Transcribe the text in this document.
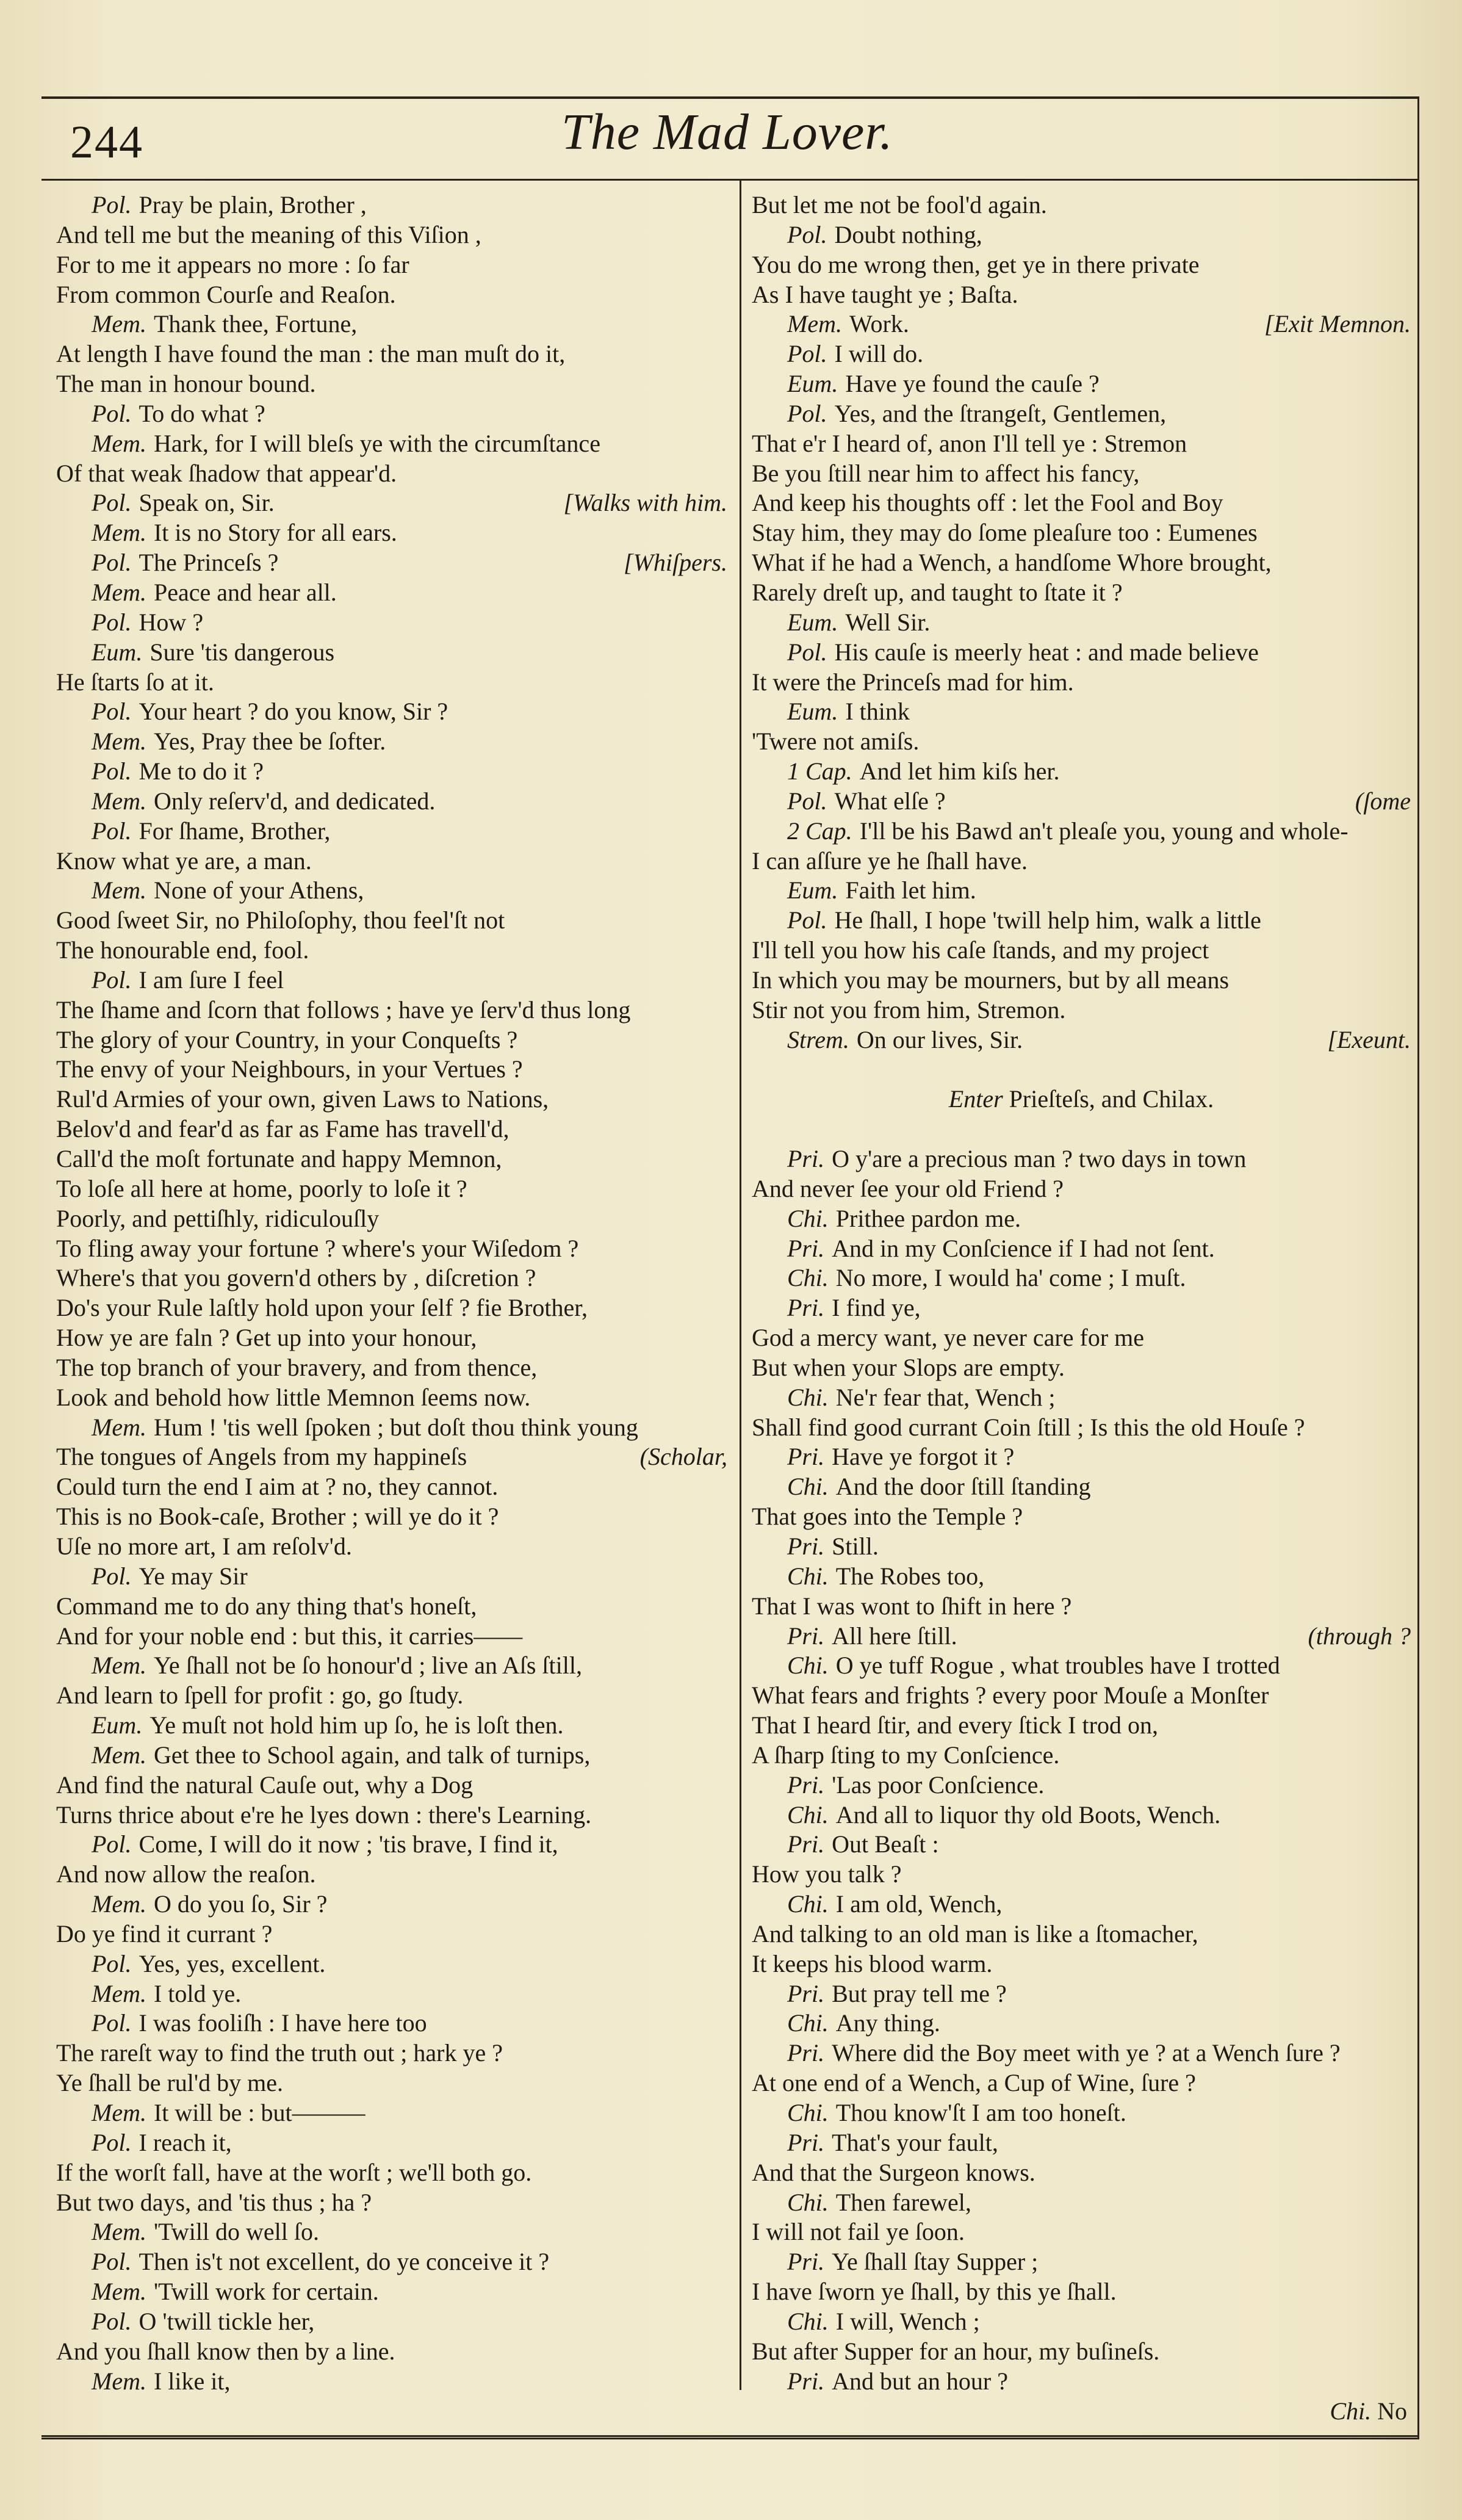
244	The Mad Lover.
Pol. Pray be plain, Brother ,
And tell me but the meaning of this Viſion ,
For to me it appears no more : ſo far
From common Courſe and Reaſon.
Mem. Thank thee, Fortune,
At length I have found the man : the man muſt do it,
The man in honour bound.
Pol. To do what ?
Mem. Hark, for I will bleſs ye with the circumſtance
Of that weak ſhadow that appear'd.
Pol. Speak on, Sir.	[Walks with him.
Mem. It is no Story for all ears.
Pol. The Princeſs ?	[Whiſpers.
Mem. Peace and hear all.
Pol. How ?
Eum. Sure 'tis dangerous
He ſtarts ſo at it.
Pol. Your heart ? do you know, Sir ?
Mem. Yes, Pray thee be ſofter.
Pol. Me to do it ?
Mem. Only reſerv'd, and dedicated.
Pol. For ſhame, Brother,
Know what ye are, a man.
Mem. None of your Athens,
Good ſweet Sir, no Philoſophy, thou feel'ſt not
The honourable end, fool.
Pol. I am ſure I feel
The ſhame and ſcorn that follows ; have ye ſerv'd thus long
The glory of your Country, in your Conqueſts ?
The envy of your Neighbours, in your Vertues ?
Rul'd Armies of your own, given Laws to Nations,
Belov'd and fear'd as far as Fame has travell'd,
Call'd the moſt fortunate and happy Memnon,
To loſe all here at home, poorly to loſe it ?
Poorly, and pettiſhly, ridiculouſly
To fling away your fortune ? where's your Wiſedom ?
Where's that you govern'd others by , diſcretion ?
Do's your Rule laſtly hold upon your ſelf ? fie Brother,
How ye are faln ? Get up into your honour,
The top branch of your bravery, and from thence,
Look and behold how little Memnon ſeems now.
Mem. Hum ! 'tis well ſpoken ; but doſt thou think young
The tongues of Angels from my happineſs	(Scholar,
Could turn the end I aim at ? no, they cannot.
This is no Book-caſe, Brother ; will ye do it ?
Uſe no more art, I am reſolv'd.
Pol. Ye may Sir
Command me to do any thing that's honeſt,
And for your noble end : but this, it carries——
Mem. Ye ſhall not be ſo honour'd ; live an Aſs ſtill,
And learn to ſpell for profit : go, go ſtudy.
Eum. Ye muſt not hold him up ſo, he is loſt then.
Mem. Get thee to School again, and talk of turnips,
And find the natural Cauſe out, why a Dog
Turns thrice about e're he lyes down : there's Learning.
Pol. Come, I will do it now ; 'tis brave, I find it,
And now allow the reaſon.
Mem. O do you ſo, Sir ?
Do ye find it currant ?
Pol. Yes, yes, excellent.
Mem. I told ye.
Pol. I was fooliſh : I have here too
The rareſt way to find the truth out ; hark ye ?
Ye ſhall be rul'd by me.
Mem. It will be : but———
Pol. I reach it,
If the worſt fall, have at the worſt ; we'll both go.
But two days, and 'tis thus ; ha ?
Mem. 'Twill do well ſo.
Pol. Then is't not excellent, do ye conceive it ?
Mem. 'Twill work for certain.
Pol. O 'twill tickle her,
And you ſhall know then by a line.
Mem. I like it,
But let me not be fool'd again.
Pol. Doubt nothing,
You do me wrong then, get ye in there private
As I have taught ye ; Baſta.
Mem. Work.	[Exit Memnon.
Pol. I will do.
Eum. Have ye found the cauſe ?
Pol. Yes, and the ſtrangeſt, Gentlemen,
That e'r I heard of, anon I'll tell ye : Stremon
Be you ſtill near him to affect his fancy,
And keep his thoughts off : let the Fool and Boy
Stay him, they may do ſome pleaſure too : Eumenes
What if he had a Wench, a handſome Whore brought,
Rarely dreſt up, and taught to ſtate it ?
Eum. Well Sir.
Pol. His cauſe is meerly heat : and made believe
It were the Princeſs mad for him.
Eum. I think
'Twere not amiſs.
1 Cap. And let him kiſs her.
Pol. What elſe ?	(ſome
2 Cap. I'll be his Bawd an't pleaſe you, young and whole-
I can aſſure ye he ſhall have.
Eum. Faith let him.
Pol. He ſhall, I hope 'twill help him, walk a little
I'll tell you how his caſe ſtands, and my project
In which you may be mourners, but by all means
Stir not you from him, Stremon.
Strem. On our lives, Sir.	[Exeunt.
Enter Prieſteſs, and Chilax.
Pri. O y'are a precious man ? two days in town
And never ſee your old Friend ?
Chi. Prithee pardon me.
Pri. And in my Conſcience if I had not ſent.
Chi. No more, I would ha' come ; I muſt.
Pri. I find ye,
God a mercy want, ye never care for me
But when your Slops are empty.
Chi. Ne'r fear that, Wench ;
Shall find good currant Coin ſtill ; Is this the old Houſe ?
Pri. Have ye forgot it ?
Chi. And the door ſtill ſtanding
That goes into the Temple ?
Pri. Still.
Chi. The Robes too,
That I was wont to ſhift in here ?
Pri. All here ſtill.	(through ?
Chi. O ye tuff Rogue , what troubles have I trotted
What fears and frights ? every poor Mouſe a Monſter
That I heard ſtir, and every ſtick I trod on,
A ſharp ſting to my Conſcience.
Pri. 'Las poor Conſcience.
Chi. And all to liquor thy old Boots, Wench.
Pri. Out Beaſt :
How you talk ?
Chi. I am old, Wench,
And talking to an old man is like a ſtomacher,
It keeps his blood warm.
Pri. But pray tell me ?
Chi. Any thing.
Pri. Where did the Boy meet with ye ? at a Wench ſure ?
At one end of a Wench, a Cup of Wine, ſure ?
Chi. Thou know'ſt I am too honeſt.
Pri. That's your fault,
And that the Surgeon knows.
Chi. Then farewel,
I will not fail ye ſoon.
Pri. Ye ſhall ſtay Supper ;
I have ſworn ye ſhall, by this ye ſhall.
Chi. I will, Wench ;
But after Supper for an hour, my buſineſs.
Pri. And but an hour ?
Chi. No
